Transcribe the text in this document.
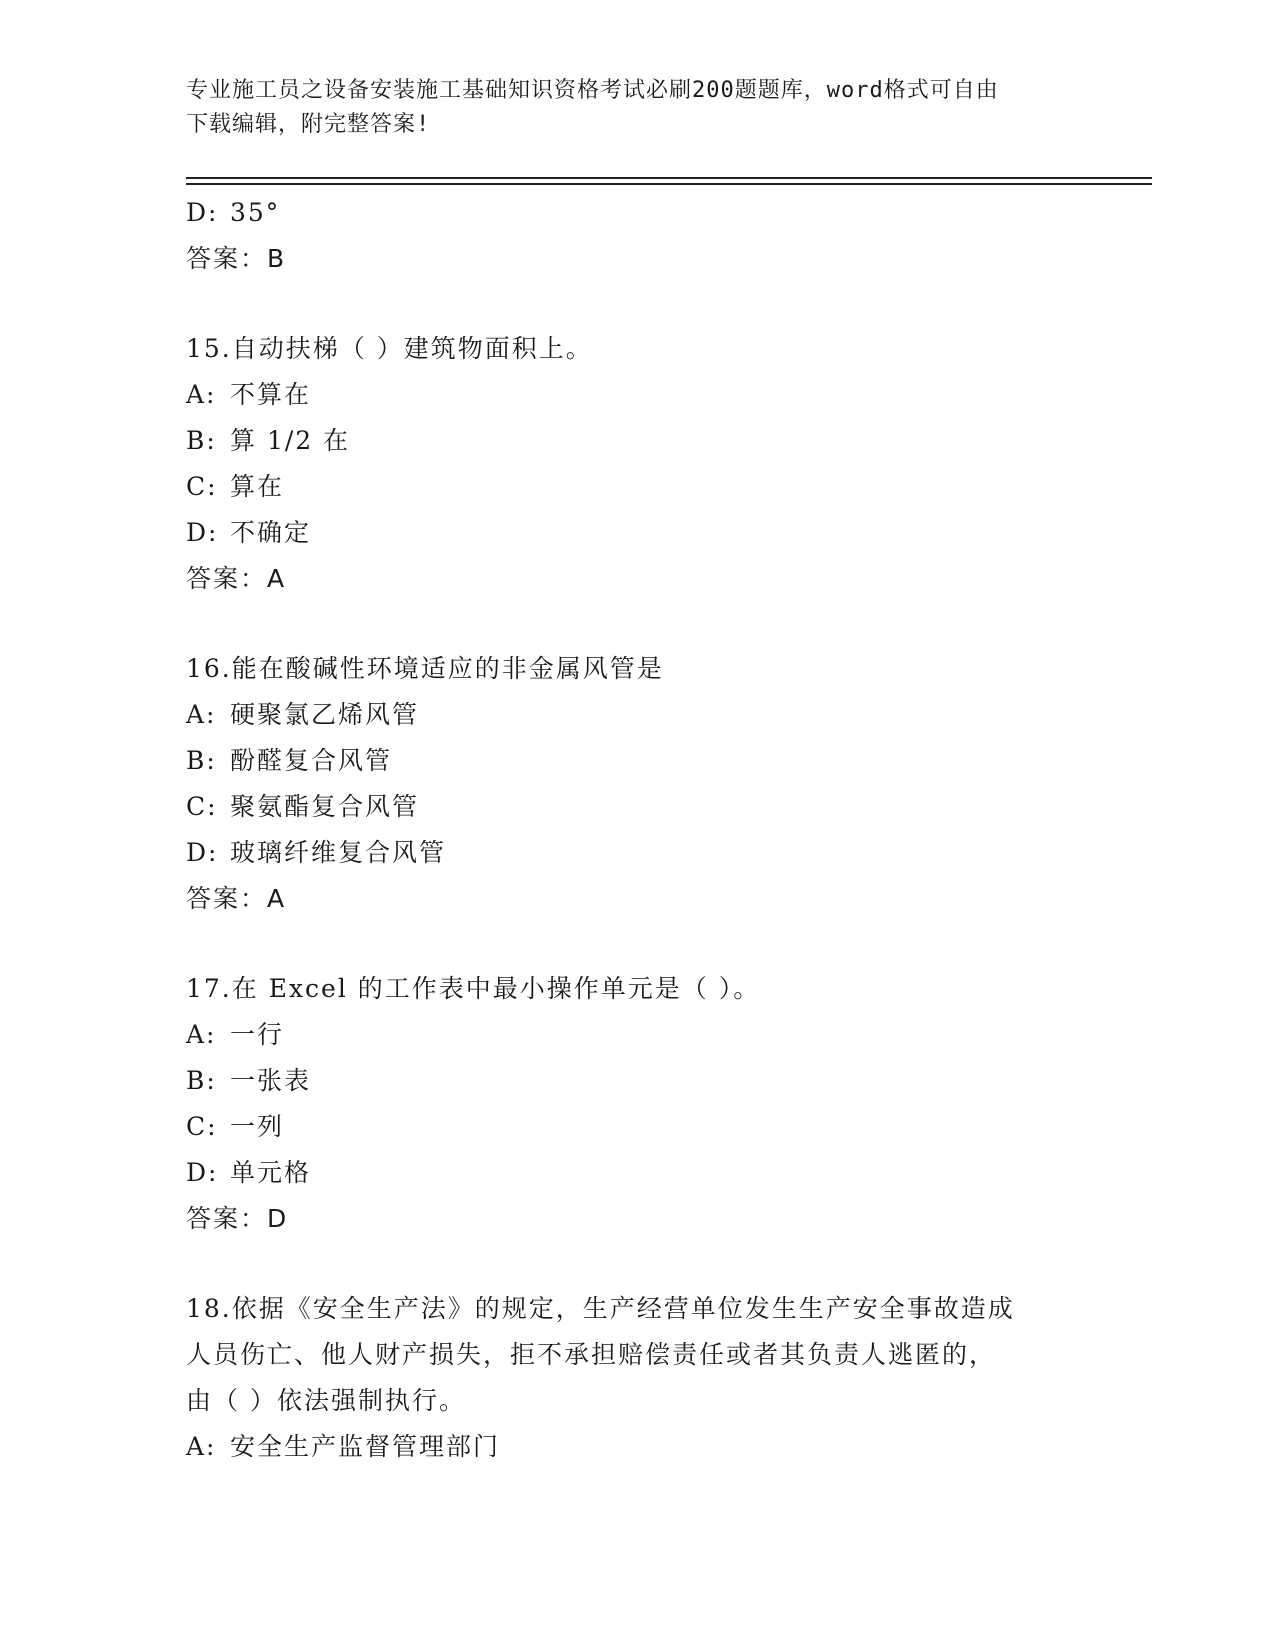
专业施工员之设备安装施工基础知识资格考试必刷200题题库，word格式可自由
下载编辑，附完整答案!
D: 35°
答案：B
15.自动扶梯（ ）建筑物面积上。
A: 不算在
B: 算 1/2 在
C: 算在
D: 不确定
答案：A
16.能在酸碱性环境适应的非金属风管是
A: 硬聚氯乙烯风管
B: 酚醛复合风管
C: 聚氨酯复合风管
D: 玻璃纤维复合风管
答案：A
17.在 Excel 的工作表中最小操作单元是（ ）。
A: 一行
B: 一张表
C: 一列
D: 单元格
答案：D
18.依据《安全生产法》的规定，生产经营单位发生生产安全事故造成
人员伤亡、他人财产损失，拒不承担赔偿责任或者其负责人逃匿的，
由（ ）依法强制执行。
A: 安全生产监督管理部门
